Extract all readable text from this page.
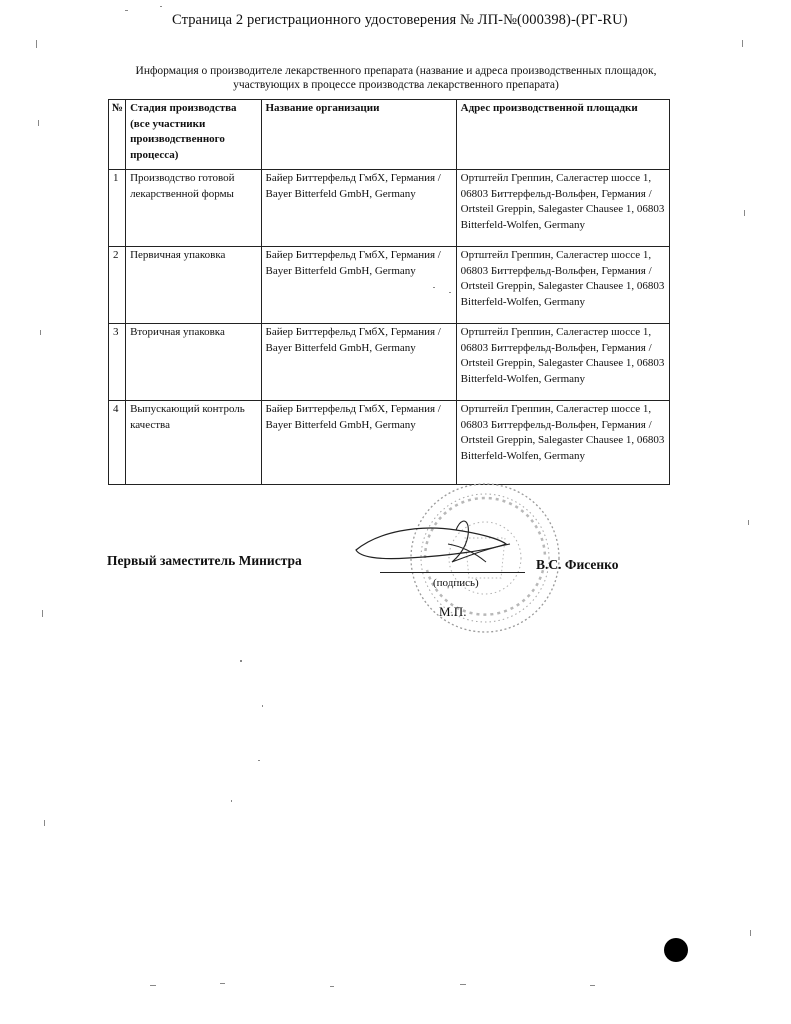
Страница 2 регистрационного удостоверения № ЛП-№(000398)-(РГ-RU)
Информация о производителе лекарственного препарата (название и адреса производственных площадок, участвующих в процессе производства лекарственного препарата)
№	Стадия производства (все участники производственного процесса)	Название организации	Адрес производственной площадки
1	Производство готовой лекарственной формы	Байер Биттерфельд ГмбХ, Германия / Bayer Bitterfeld GmbH, Germany	Ортштейл Греппин, Салегастер шоссе 1, 06803 Биттерфельд-Вольфен, Германия / Ortsteil Greppin, Salegaster Chausee 1, 06803 Bitterfeld-Wolfen, Germany
2	Первичная упаковка	Байер Биттерфельд ГмбХ, Германия / Bayer Bitterfeld GmbH, Germany	Ортштейл Греппин, Салегастер шоссе 1, 06803 Биттерфельд-Вольфен, Германия / Ortsteil Greppin, Salegaster Chausee 1, 06803 Bitterfeld-Wolfen, Germany
3	Вторичная упаковка	Байер Биттерфельд ГмбХ, Германия / Bayer Bitterfeld GmbH, Germany	Ортштейл Греппин, Салегастер шоссе 1, 06803 Биттерфельд-Вольфен, Германия / Ortsteil Greppin, Salegaster Chausee 1, 06803 Bitterfeld-Wolfen, Germany
4	Выпускающий контроль качества	Байер Биттерфельд ГмбХ, Германия / Bayer Bitterfeld GmbH, Germany	Ортштейл Греппин, Салегастер шоссе 1, 06803 Биттерфельд-Вольфен, Германия / Ortsteil Greppin, Salegaster Chausee 1, 06803 Bitterfeld-Wolfen, Germany
Первый заместитель Министра
(подпись)
В.С. Фисенко
М.П.
